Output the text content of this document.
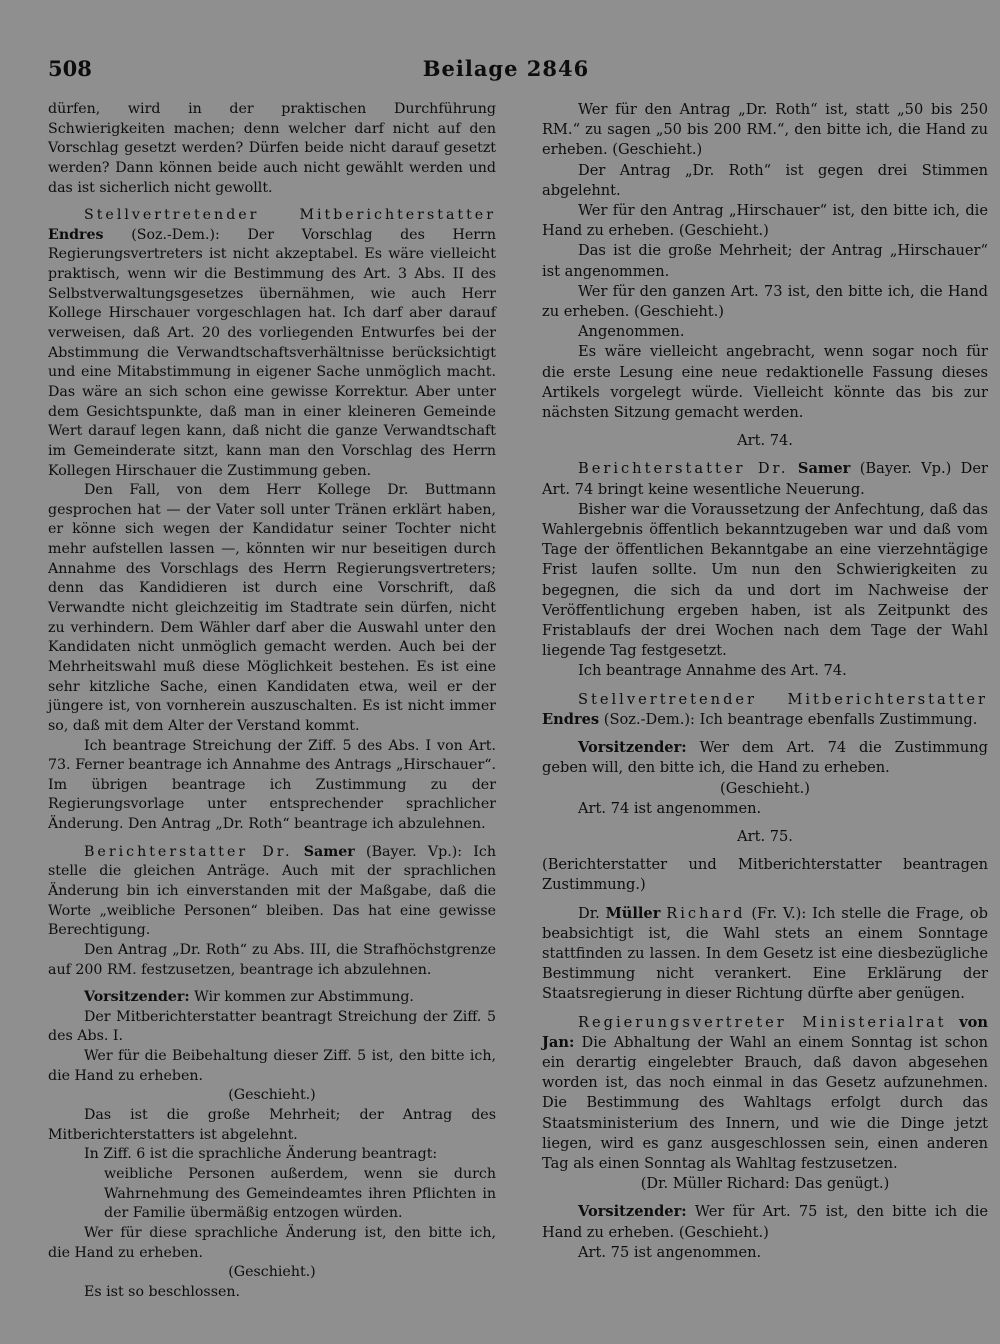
508	Beilage 2846

dürfen, wird in der praktischen Durchführung Schwierigkeiten machen; denn welcher darf nicht auf den Vorschlag gesetzt werden? Dürfen beide nicht darauf gesetzt werden? Dann können beide auch nicht gewählt werden und das ist sicherlich nicht gewollt.

Stellvertretender Mitberichterstatter Endres (Soz.-Dem.): Der Vorschlag des Herrn Regierungsvertreters ist nicht akzeptabel. Es wäre vielleicht praktisch, wenn wir die Bestimmung des Art. 3 Abs. II des Selbstverwaltungsgesetzes übernähmen, wie auch Herr Kollege Hirschauer vorgeschlagen hat. Ich darf aber darauf verweisen, daß Art. 20 des vorliegenden Entwurfes bei der Abstimmung die Verwandtschaftsverhältnisse berücksichtigt und eine Mitabstimmung in eigener Sache unmöglich macht. Das wäre an sich schon eine gewisse Korrektur. Aber unter dem Gesichtspunkte, daß man in einer kleineren Gemeinde Wert darauf legen kann, daß nicht die ganze Verwandtschaft im Gemeinderate sitzt, kann man den Vorschlag des Herrn Kollegen Hirschauer die Zustimmung geben.

Den Fall, von dem Herr Kollege Dr. Buttmann gesprochen hat — der Vater soll unter Tränen erklärt haben, er könne sich wegen der Kandidatur seiner Tochter nicht mehr aufstellen lassen —, könnten wir nur beseitigen durch Annahme des Vorschlags des Herrn Regierungsvertreters; denn das Kandidieren ist durch eine Vorschrift, daß Verwandte nicht gleichzeitig im Stadtrate sein dürfen, nicht zu verhindern. Dem Wähler darf aber die Auswahl unter den Kandidaten nicht unmöglich gemacht werden. Auch bei der Mehrheitswahl muß diese Möglichkeit bestehen. Es ist eine sehr kitzliche Sache, einen Kandidaten etwa, weil er der jüngere ist, von vornherein auszuschalten. Es ist nicht immer so, daß mit dem Alter der Verstand kommt.

Ich beantrage Streichung der Ziff. 5 des Abs. I von Art. 73. Ferner beantrage ich Annahme des Antrags „Hirschauer“. Im übrigen beantrage ich Zustimmung zu der Regierungsvorlage unter entsprechender sprachlicher Änderung. Den Antrag „Dr. Roth“ beantrage ich abzulehnen.

Berichterstatter Dr. Samer (Bayer. Vp.): Ich stelle die gleichen Anträge. Auch mit der sprachlichen Änderung bin ich einverstanden mit der Maßgabe, daß die Worte „weibliche Personen“ bleiben. Das hat eine gewisse Berechtigung.

Den Antrag „Dr. Roth“ zu Abs. III, die Strafhöchstgrenze auf 200 RM. festzusetzen, beantrage ich abzulehnen.

Vorsitzender: Wir kommen zur Abstimmung.

Der Mitberichterstatter beantragt Streichung der Ziff. 5 des Abs. I.

Wer für die Beibehaltung dieser Ziff. 5 ist, den bitte ich, die Hand zu erheben.

(Geschieht.)

Das ist die große Mehrheit; der Antrag des Mitberichterstatters ist abgelehnt.

In Ziff. 6 ist die sprachliche Änderung beantragt:

weibliche Personen außerdem, wenn sie durch Wahrnehmung des Gemeindeamtes ihren Pflichten in der Familie übermäßig entzogen würden.

Wer für diese sprachliche Änderung ist, den bitte ich, die Hand zu erheben.

(Geschieht.)

Es ist so beschlossen.

Wer für den Antrag „Dr. Roth“ ist, statt „50 bis 250 RM.“ zu sagen „50 bis 200 RM.“, den bitte ich, die Hand zu erheben. (Geschieht.)

Der Antrag „Dr. Roth“ ist gegen drei Stimmen abgelehnt.

Wer für den Antrag „Hirschauer“ ist, den bitte ich, die Hand zu erheben. (Geschieht.)

Das ist die große Mehrheit; der Antrag „Hirschauer“ ist angenommen.

Wer für den ganzen Art. 73 ist, den bitte ich, die Hand zu erheben. (Geschieht.)

Angenommen.

Es wäre vielleicht angebracht, wenn sogar noch für die erste Lesung eine neue redaktionelle Fassung dieses Artikels vorgelegt würde. Vielleicht könnte das bis zur nächsten Sitzung gemacht werden.

Art. 74.

Berichterstatter Dr. Samer (Bayer. Vp.) Der Art. 74 bringt keine wesentliche Neuerung.

Bisher war die Voraussetzung der Anfechtung, daß das Wahlergebnis öffentlich bekanntzugeben war und daß vom Tage der öffentlichen Bekanntgabe an eine vierzehntägige Frist laufen sollte. Um nun den Schwierigkeiten zu begegnen, die sich da und dort im Nachweise der Veröffentlichung ergeben haben, ist als Zeitpunkt des Fristablaufs der drei Wochen nach dem Tage der Wahl liegende Tag festgesetzt.

Ich beantrage Annahme des Art. 74.

Stellvertretender Mitberichterstatter Endres (Soz.-Dem.): Ich beantrage ebenfalls Zustimmung.

Vorsitzender: Wer dem Art. 74 die Zustimmung geben will, den bitte ich, die Hand zu erheben.

(Geschieht.)

Art. 74 ist angenommen.

Art. 75.

(Berichterstatter und Mitberichterstatter beantragen Zustimmung.)

Dr. Müller Richard (Fr. V.): Ich stelle die Frage, ob beabsichtigt ist, die Wahl stets an einem Sonntage stattfinden zu lassen. In dem Gesetz ist eine diesbezügliche Bestimmung nicht verankert. Eine Erklärung der Staatsregierung in dieser Richtung dürfte aber genügen.

Regierungsvertreter Ministerialrat von Jan: Die Abhaltung der Wahl an einem Sonntag ist schon ein derartig eingelebter Brauch, daß davon abgesehen worden ist, das noch einmal in das Gesetz aufzunehmen. Die Bestimmung des Wahltags erfolgt durch das Staatsministerium des Innern, und wie die Dinge jetzt liegen, wird es ganz ausgeschlossen sein, einen anderen Tag als einen Sonntag als Wahltag festzusetzen.

(Dr. Müller Richard: Das genügt.)

Vorsitzender: Wer für Art. 75 ist, den bitte ich die Hand zu erheben. (Geschieht.)

Art. 75 ist angenommen.
